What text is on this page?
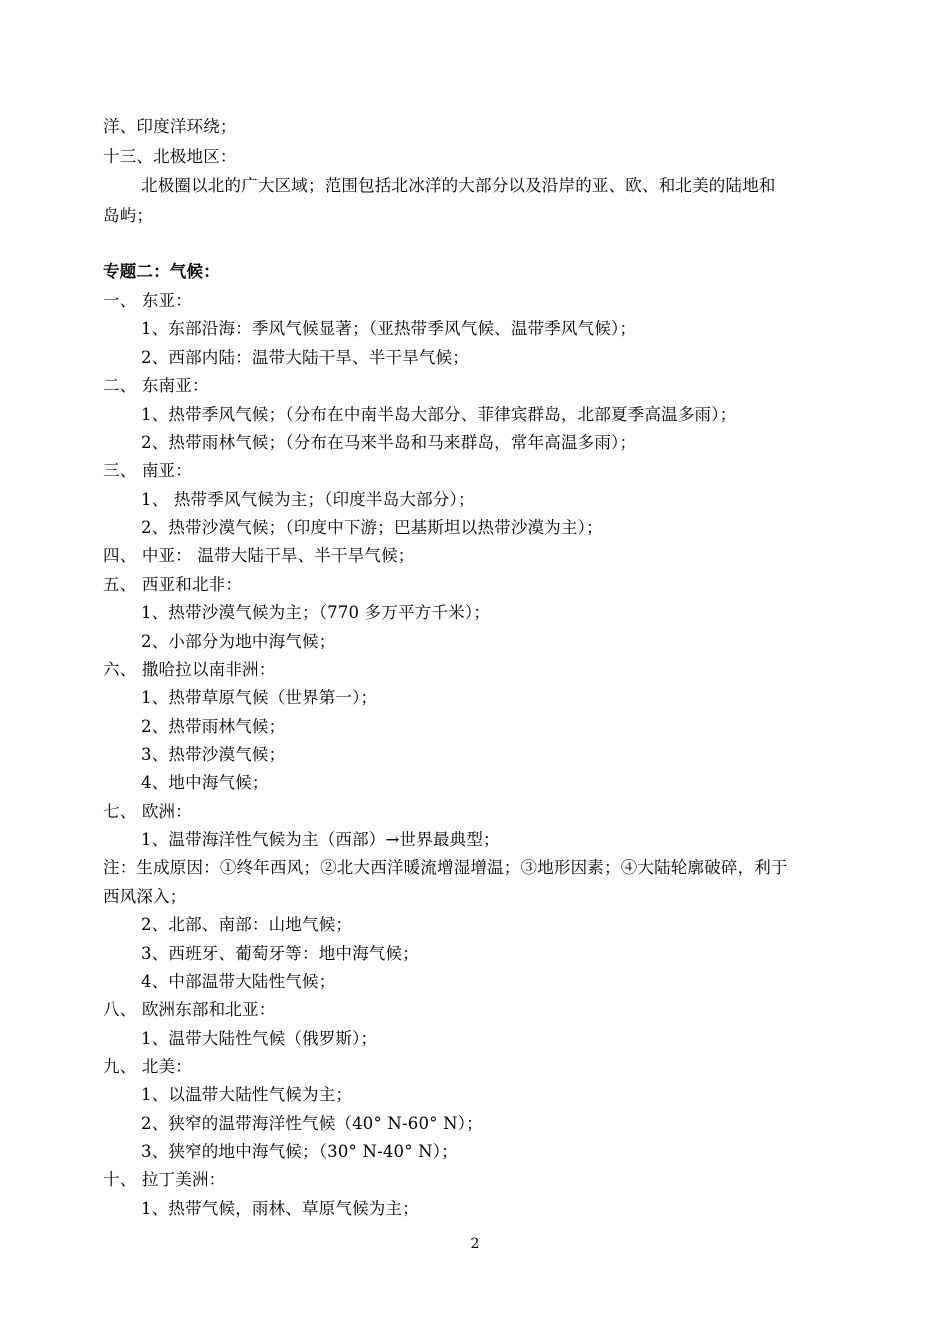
洋、印度洋环绕；
十三、北极地区：
北极圈以北的广大区域；范围包括北冰洋的大部分以及沿岸的亚、欧、和北美的陆地和
岛屿；
专题二：气候：
一、 东亚：
1、东部沿海：季风气候显著；（亚热带季风气候、温带季风气候）；
2、西部内陆：温带大陆干旱、半干旱气候；
二、 东南亚：
1、热带季风气候；（分布在中南半岛大部分、菲律宾群岛，北部夏季高温多雨）；
2、热带雨林气候；（分布在马来半岛和马来群岛，常年高温多雨）；
三、 南亚：
1、 热带季风气候为主；（印度半岛大部分）；
2、热带沙漠气候；（印度中下游；巴基斯坦以热带沙漠为主）；
四、 中亚： 温带大陆干旱、半干旱气候；
五、 西亚和北非：
1、热带沙漠气候为主；（770 多万平方千米）；
2、小部分为地中海气候；
六、 撒哈拉以南非洲：
1、热带草原气候（世界第一）；
2、热带雨林气候；
3、热带沙漠气候；
4、地中海气候；
七、 欧洲：
1、温带海洋性气候为主（西部）→世界最典型；
注：生成原因：①终年西风；②北大西洋暖流增湿增温；③地形因素；④大陆轮廓破碎，利于
西风深入；
2、北部、南部：山地气候；
3、西班牙、葡萄牙等：地中海气候；
4、中部温带大陆性气候；
八、 欧洲东部和北亚：
1、温带大陆性气候（俄罗斯）；
九、 北美：
1、以温带大陆性气候为主；
2、狭窄的温带海洋性气候（40° N-60° N）；
3、狭窄的地中海气候；（30° N-40° N）；
十、 拉丁美洲：
1、热带气候，雨林、草原气候为主；
2
